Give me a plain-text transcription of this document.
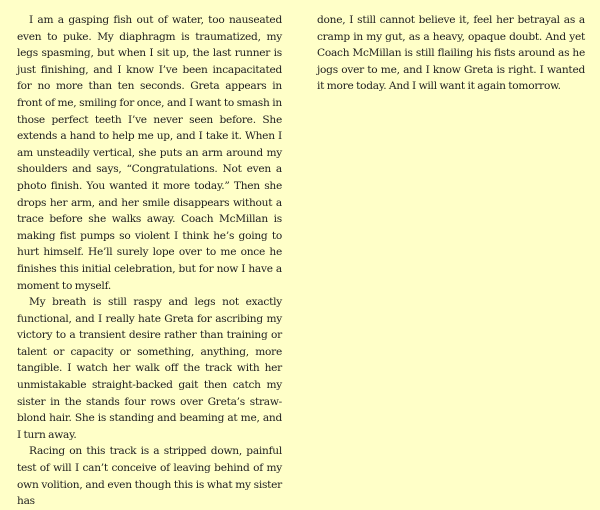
I am a gasping fish out of water, too nauseated even to puke. My diaphragm is traumatized, my legs spasming, but when I sit up, the last runner is just finishing, and I know I’ve been incapacitated for no more than ten seconds. Greta appears in front of me, smiling for once, and I want to smash in those perfect teeth I’ve never seen before. She extends a hand to help me up, and I take it. When I am unsteadily vertical, she puts an arm around my shoulders and says, “Congratulations. Not even a photo finish. You wanted it more today.” Then she drops her arm, and her smile disappears without a trace before she walks away. Coach McMillan is making fist pumps so violent I think he’s going to hurt himself. He’ll surely lope over to me once he finishes this initial celebration, but for now I have a moment to myself.

My breath is still raspy and legs not exactly functional, and I really hate Greta for ascribing my victory to a transient desire rather than training or talent or capacity or something, anything, more tangible. I watch her walk off the track with her unmistakable straight-backed gait then catch my sister in the stands four rows over Greta’s straw-blond hair. She is standing and beaming at me, and I turn away.

Racing on this track is a stripped down, painful test of will I can’t conceive of leaving behind of my own volition, and even though this is what my sister has

done, I still cannot believe it, feel her betrayal as a cramp in my gut, as a heavy, opaque doubt. And yet Coach McMillan is still flailing his fists around as he jogs over to me, and I know Greta is right. I wanted it more today. And I will want it again tomorrow.
